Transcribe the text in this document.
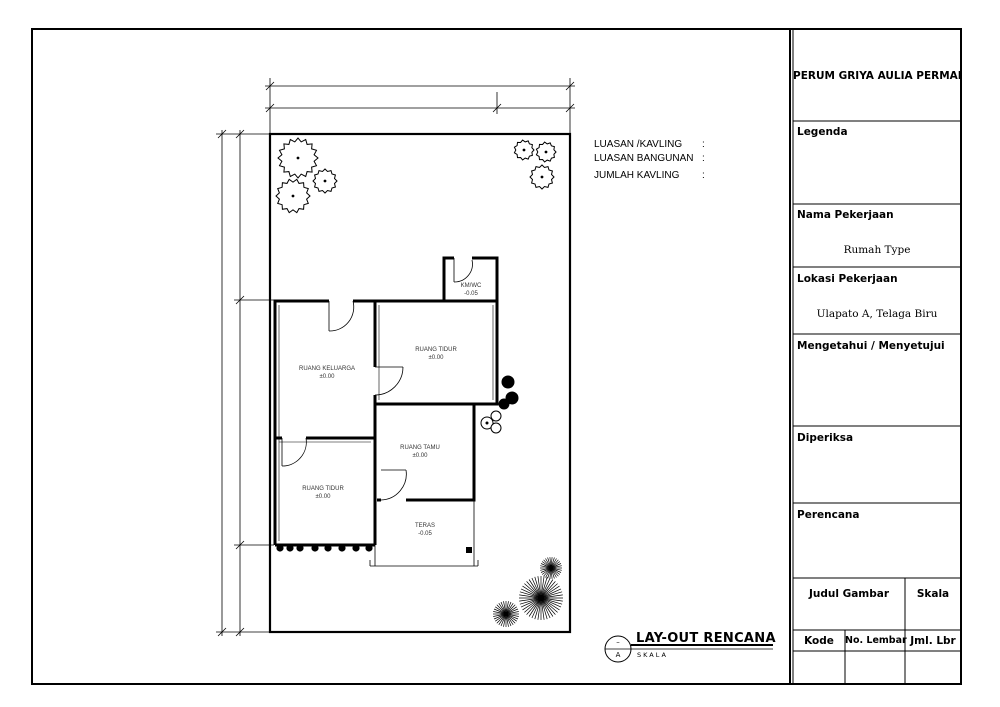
PERUM GRIYA AULIA PERMAI
Legenda
Nama Pekerjaan
Rumah Type
Lokasi Pekerjaan
Ulapato A, Telaga Biru
Mengetahui / Menyetujui
Diperiksa
Perencana
Judul Gambar	Skala
Kode	No. Lembar Jml. Lbr
LUASAN /KAVLING :
LUASAN BANGUNAN :
JUMLAH KAVLING :
KM/WC
-0.05
RUANG KELUARGA
±0.00
RUANG TIDUR
±0.00
RUANG TAMU
±0.00
RUANG TIDUR
±0.00
TERAS
-0.05
LAY-OUT RENCANA
SKALA
–
A
